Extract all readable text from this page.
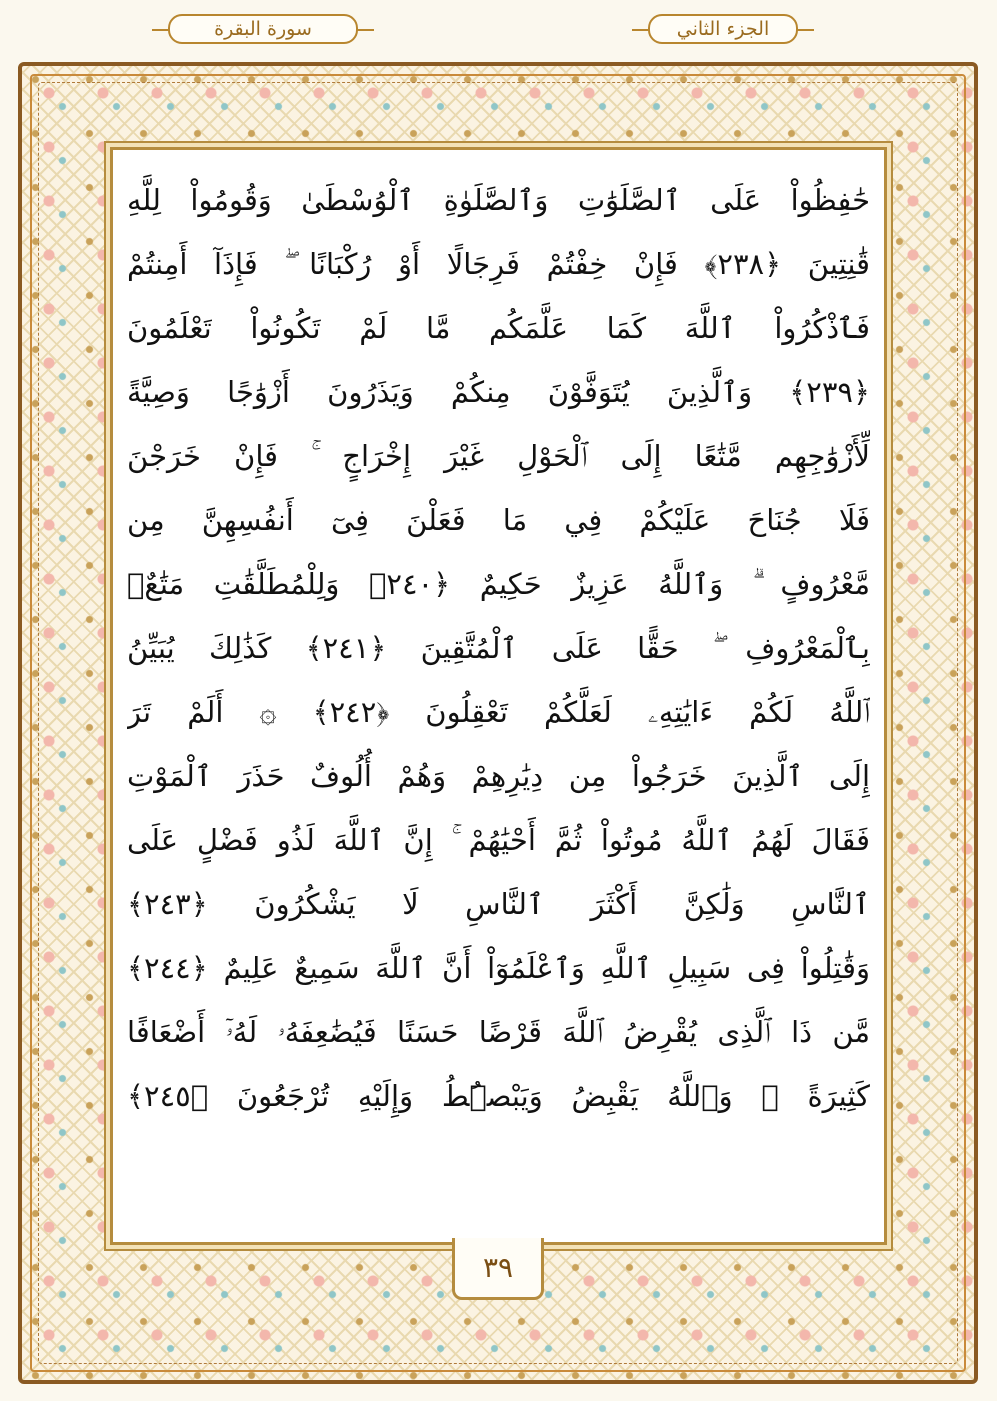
الجزء الثاني
سورة البقرة
حَٰفِظُواْ عَلَى ٱلصَّلَوَٰتِ وَٱلصَّلَوٰةِ ٱلْوُسْطَىٰ وَقُومُواْ لِلَّهِ
قَٰنِتِينَ ﴿٢٣٨﴾ فَإِنْ خِفْتُمْ فَرِجَالًا أَوْ رُكْبَانًا ۖ فَإِذَآ أَمِنتُمْ
فَٱذْكُرُواْ ٱللَّهَ كَمَا عَلَّمَكُم مَّا لَمْ تَكُونُواْ تَعْلَمُونَ
﴿٢٣٩﴾ وَٱلَّذِينَ يُتَوَفَّوْنَ مِنكُمْ وَيَذَرُونَ أَزْوَٰجًا وَصِيَّةً
لِّأَزْوَٰجِهِم مَّتَٰعًا إِلَى ٱلْحَوْلِ غَيْرَ إِخْرَاجٍ ۚ فَإِنْ خَرَجْنَ
فَلَا جُنَاحَ عَلَيْكُمْ فِي مَا فَعَلْنَ فِىٓ أَنفُسِهِنَّ مِن
مَّعْرُوفٍ ۗ وَٱللَّهُ عَزِيزٌ حَكِيمٌ ﴿٢٤٠﴾ وَلِلْمُطَلَّقَٰتِ مَتَٰعٌۢ
بِٱلْمَعْرُوفِ ۖ حَقًّا عَلَى ٱلْمُتَّقِينَ ﴿٢٤١﴾ كَذَٰلِكَ يُبَيِّنُ
ٱللَّهُ لَكُمْ ءَايَٰتِهِۦ لَعَلَّكُمْ تَعْقِلُونَ ﴿٢٤٢﴾ ۞ أَلَمْ تَرَ
إِلَى ٱلَّذِينَ خَرَجُواْ مِن دِيَٰرِهِمْ وَهُمْ أُلُوفٌ حَذَرَ ٱلْمَوْتِ
فَقَالَ لَهُمُ ٱللَّهُ مُوتُواْ ثُمَّ أَحْيَٰهُمْ ۚ إِنَّ ٱللَّهَ لَذُو فَضْلٍ عَلَى
ٱلنَّاسِ وَلَٰكِنَّ أَكْثَرَ ٱلنَّاسِ لَا يَشْكُرُونَ ﴿٢٤٣﴾
وَقَٰتِلُواْ فِى سَبِيلِ ٱللَّهِ وَٱعْلَمُوٓاْ أَنَّ ٱللَّهَ سَمِيعٌ عَلِيمٌ ﴿٢٤٤﴾
مَّن ذَا ٱلَّذِى يُقْرِضُ ٱللَّهَ قَرْضًا حَسَنًا فَيُضَٰعِفَهُۥ لَهُۥٓ أَضْعَافًا
كَثِيرَةً ۚ وَٱللَّهُ يَقْبِضُ وَيَبْصُۜطُ وَإِلَيْهِ تُرْجَعُونَ ﴿٢٤٥﴾
٣٩
